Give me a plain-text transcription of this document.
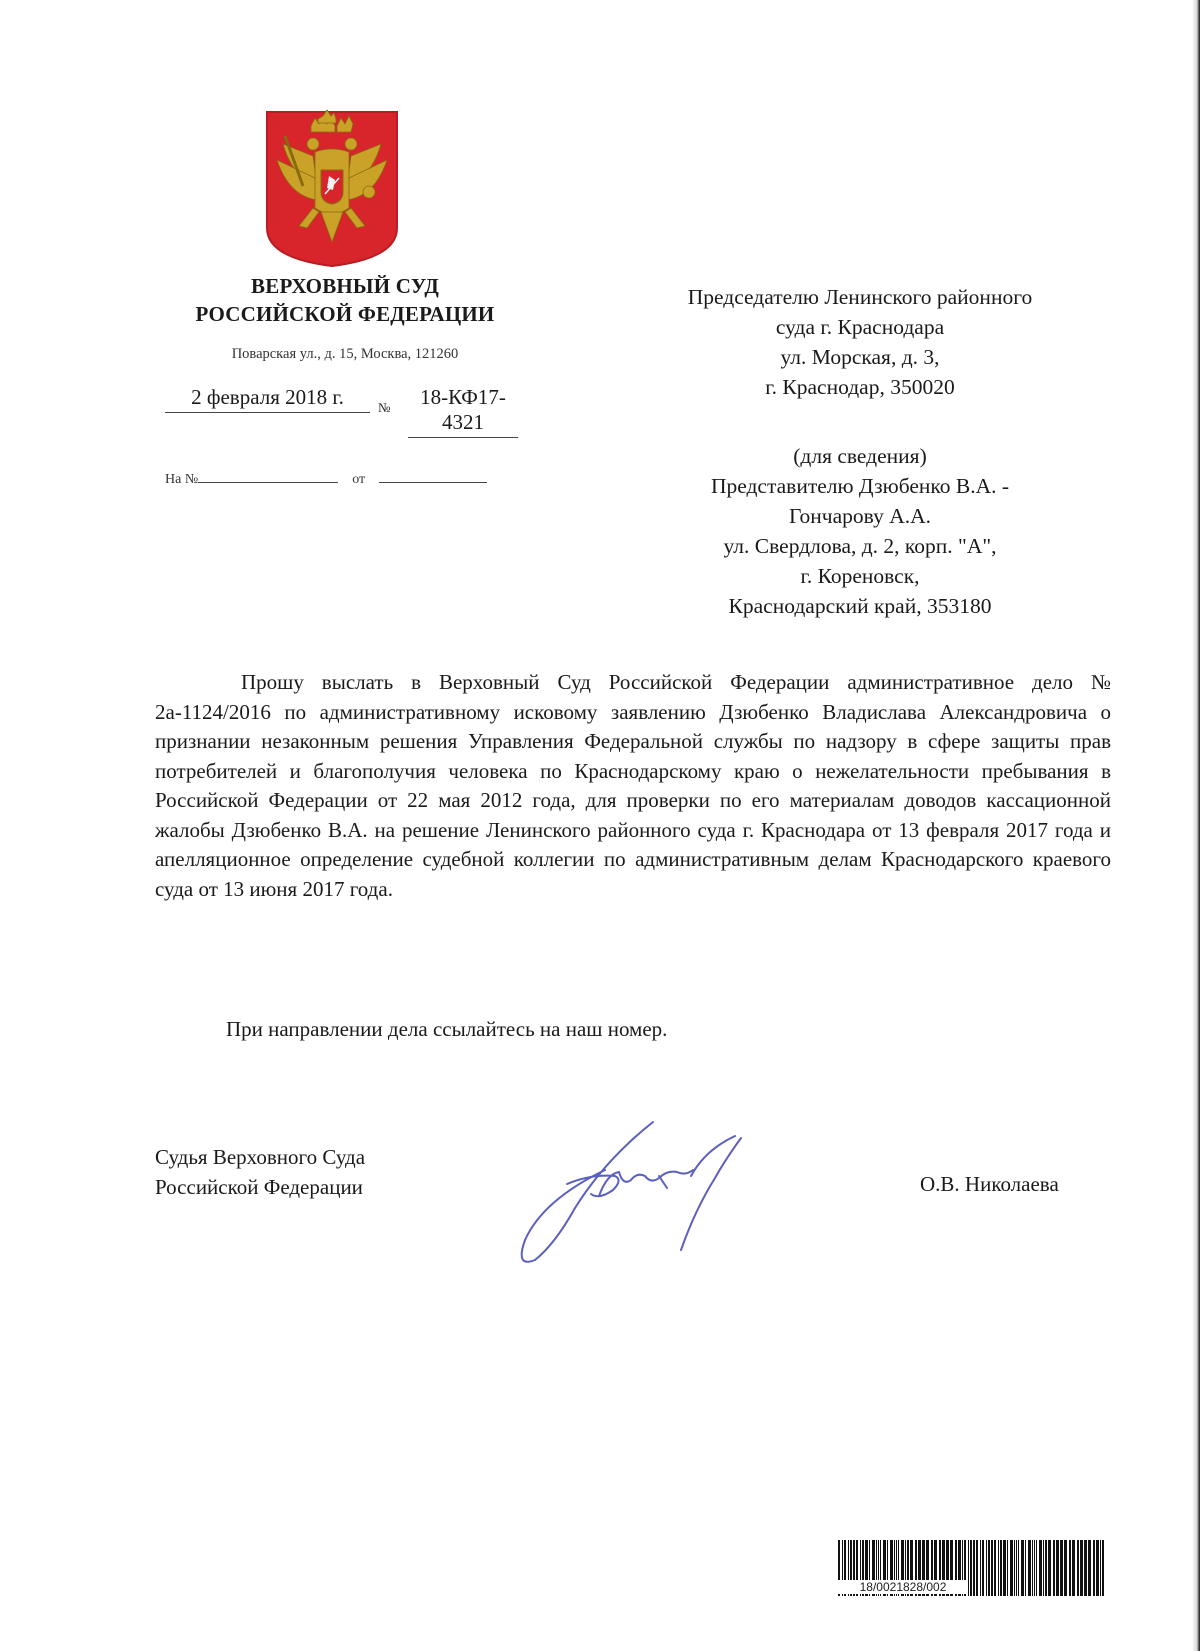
ВЕРХОВНЫЙ СУД
РОССИЙСКОЙ ФЕДЕРАЦИИ
Поварская ул., д. 15, Москва, 121260
2 февраля 2018 г.	№	18-КФ17-4321
На №	от
Председателю Ленинского районного
суда г. Краснодара
ул. Морская, д. 3,
г. Краснодар, 350020
(для сведения)
Представителю Дзюбенко В.А. -
Гончарову А.А.
ул. Свердлова, д. 2, корп. "А",
г. Кореновск,
Краснодарский край, 353180
Прошу выслать в Верховный Суд Российской Федерации административное дело № 2а-1124/2016 по административному исковому заявлению Дзюбенко Владислава Александровича о признании незаконным решения Управления Федеральной службы по надзору в сфере защиты прав потребителей и благополучия человека по Краснодарскому краю о нежелательности пребывания в Российской Федерации от 22 мая 2012 года, для проверки по его материалам доводов кассационной жалобы Дзюбенко В.А. на решение Ленинского районного суда г. Краснодара от 13 февраля 2017 года и апелляционное определение судебной коллегии по административным делам Краснодарского краевого суда от 13 июня 2017 года.
При направлении дела ссылайтесь на наш номер.
Судья Верховного Суда
Российской Федерации	О.В. Николаева
18/0021828/002
